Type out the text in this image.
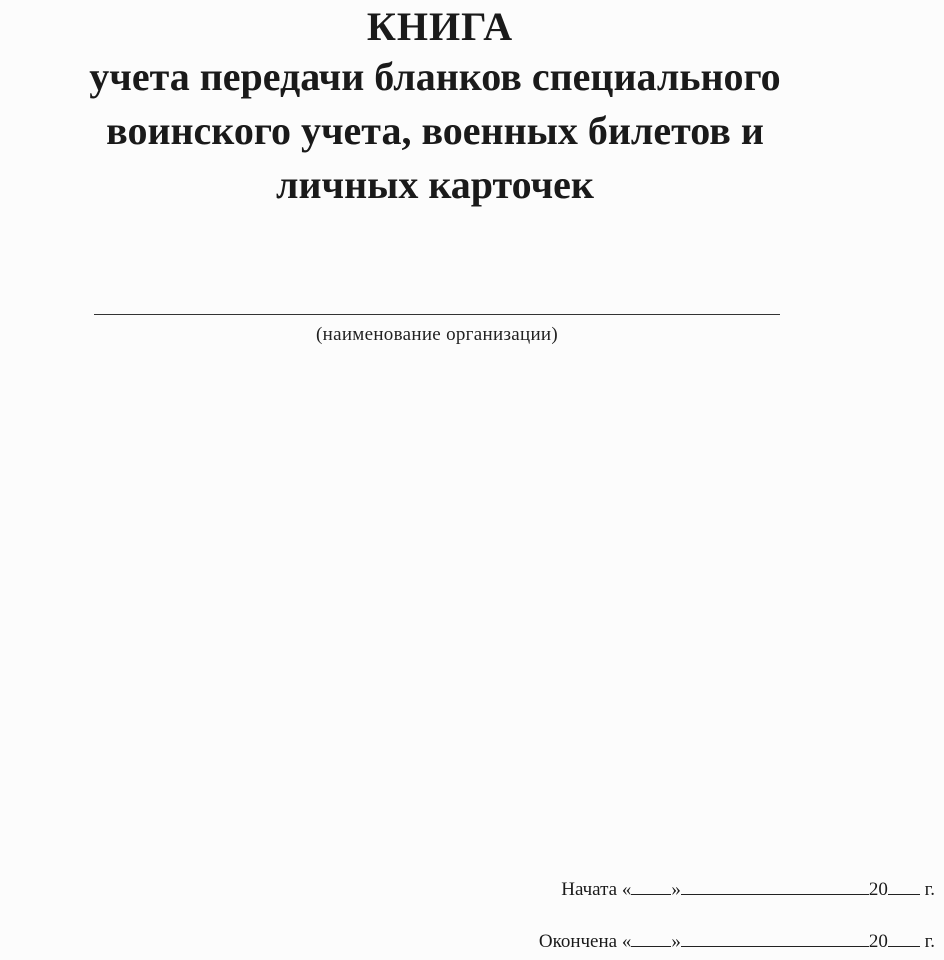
КНИГА
учета передачи бланков специального
воинского учета, военных билетов и
личных карточек
(наименование организации)
Начата « »	20 г.
Окончена « »	20 г.
